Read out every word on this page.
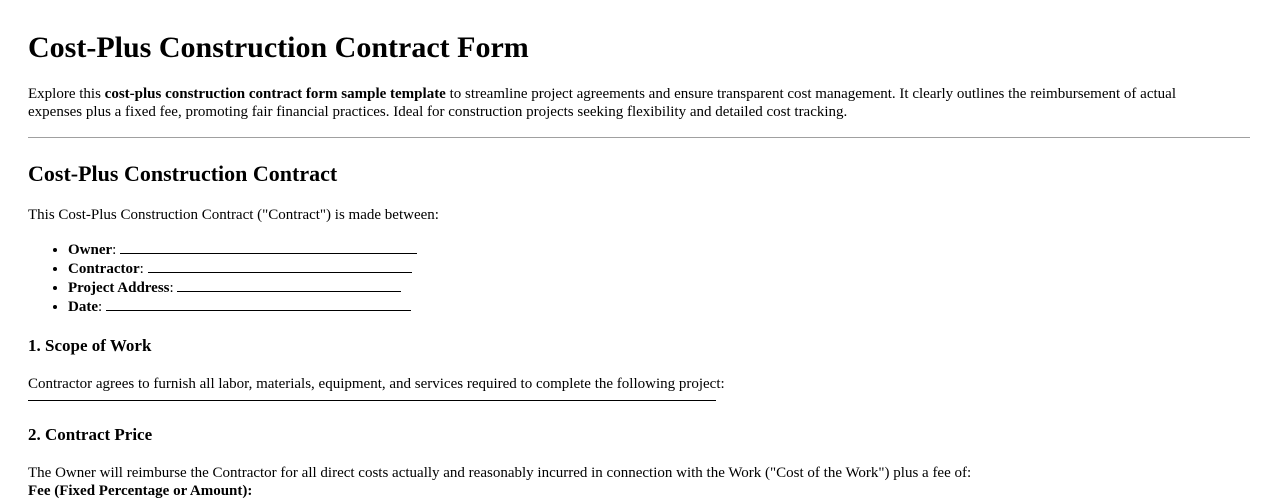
Cost-Plus Construction Contract Form

Explore this cost-plus construction contract form sample template to streamline project agreements and ensure transparent cost management. It clearly outlines the reimbursement of actual expenses plus a fixed fee, promoting fair financial practices. Ideal for construction projects seeking flexibility and detailed cost tracking.

Cost-Plus Construction Contract

This Cost-Plus Construction Contract ("Contract") is made between:

• Owner:
• Contractor:
• Project Address:
• Date:
1. Scope of Work

Contractor agrees to furnish all labor, materials, equipment, and services required to complete the following project:

2. Contract Price

The Owner will reimburse the Contractor for all direct costs actually and reasonably incurred in connection with the Work ("Cost of the Work") plus a fee of:
Fee (Fixed Percentage or Amount):
